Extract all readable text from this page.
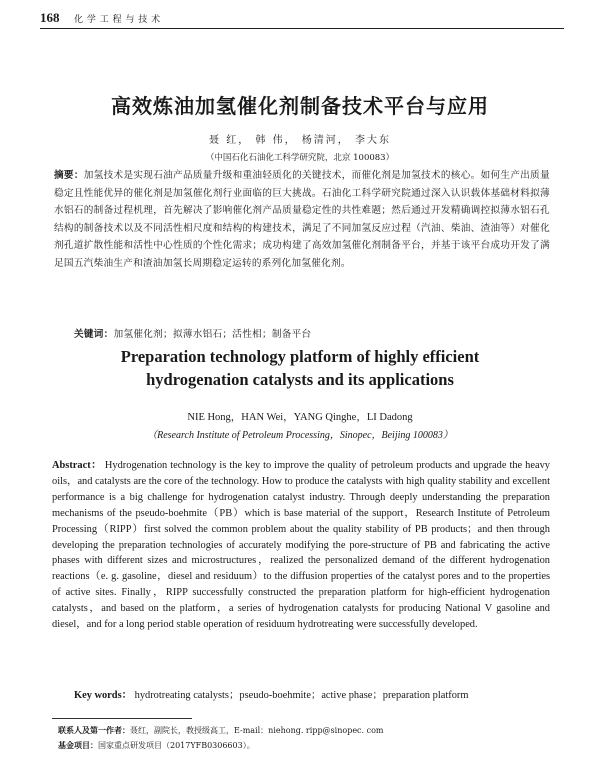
168 化 学 工 程 与 技 术
高效炼油加氢催化剂制备技术平台与应用
聂 红， 韩 伟， 杨清河， 李大东
（中国石化石油化工科学研究院，北京 100083）
摘要：加氢技术是实现石油产品质量升级和重油轻质化的关键技术，而催化剂是加氢技术的核心。如何生产出质量稳定且性能优异的催化剂是加氢催化剂行业面临的巨大挑战。石油化工科学研究院通过深入认识载体基础材料拟薄水铝石的制备过程机理，首先解决了影响催化剂产品质量稳定性的共性难题；然后通过开发精确调控拟薄水铝石孔结构的制备技术以及不同活性相尺度和结构的构建技术，满足了不同加氢反应过程（汽油、柴油、渣油等）对催化剂孔道扩散性能和活性中心性质的个性化需求；成功构建了高效加氢催化剂制备平台，并基于该平台成功开发了满足国五汽柴油生产和渣油加氢长周期稳定运转的系列化加氢催化剂。
关键词：加氢催化剂；拟薄水铝石；活性相；制备平台
Preparation technology platform of highly efficient
hydrogenation catalysts and its applications
NIE Hong，HAN Wei，YANG Qinghe，LI Dadong
（Research Institute of Petroleum Processing，Sinopec，Beijing 100083）
Abstract： Hydrogenation technology is the key to improve the quality of petroleum products and upgrade the heavy oils，and catalysts are the core of the technology. How to produce the catalysts with high quality stability and excellent performance is a big challenge for hydrogenation catalyst industry. Through deeply understanding the preparation mechanisms of the pseudo-boehmite（PB）which is base material of the support，Research Institute of Petroleum Processing（RIPP）first solved the common problem about the quality stability of PB products；and then through developing the preparation technologies of accurately modifying the pore-structure of PB and fabricating the active phases with different sizes and microstructures，realized the personalized demand of the different hydrogenation reactions（e. g. gasoline，diesel and residuum）to the diffusion properties of the catalyst pores and to the properties of active sites. Finally，RIPP successfully constructed the preparation platform for high-efficient hydrogenation catalysts，and based on the platform，a series of hydrogenation catalysts for producing National V gasoline and diesel，and for a long period stable operation of residuum hydrotreating were successfully developed.
Key words： hydrotreating catalysts；pseudo-boehmite；active phase；preparation platform
联系人及第一作者：聂红，副院长，教授级高工，E-mail：niehong. ripp@sinopec. com
基金项目：国家重点研发项目（2017YFB0306603）。
